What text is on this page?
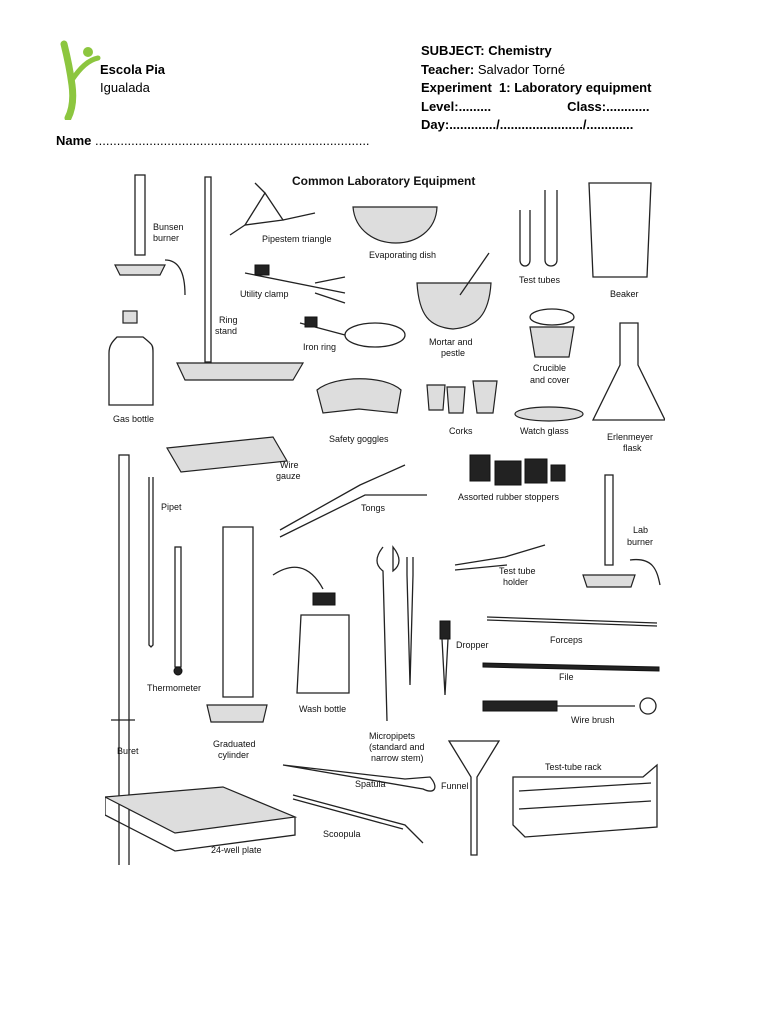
Escola Pia
Igualada
SUBJECT: Chemistry
Teacher: Salvador Torné
Experiment 1: Laboratory equipment
Level:.........	Class:............
Day:............./......................./.............
Name ............................................................................
Common Laboratory Equipment
Bunsen
burner
Ring
stand
Pipestem triangle
Utility clamp
Iron ring
Evaporating dish
Mortar and
pestle
Test tubes
Beaker
Gas bottle
Safety goggles
Corks
Crucible
and cover
Watch glass
Erlenmeyer
flask
Wire
gauze
Assorted rubber stoppers
Tongs
Buret
Pipet
Thermometer
Graduated
cylinder
Wash bottle
Micropipets
(standard and
narrow stem)
Test tube
holder
Lab
burner
Forceps
Dropper
File
Wire brush
Spatula
Scoopula
Funnel
Test-tube rack
24-well plate
